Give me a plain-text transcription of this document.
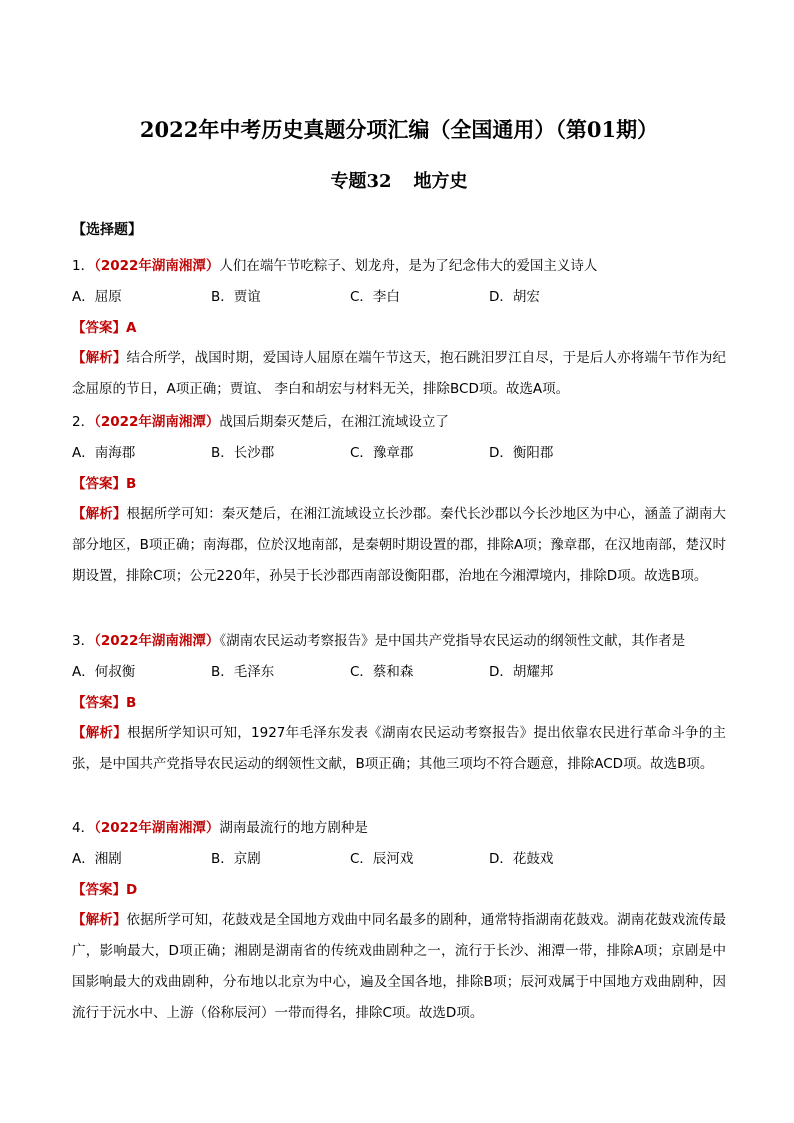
2022年中考历史真题分项汇编（全国通用）（第01期）
专题32 地方史
【选择题】
1．（2022年湖南湘潭）人们在端午节吃粽子、划龙舟，是为了纪念伟大的爱国主义诗人
A．屈原	B．贾谊	C．李白	D．胡宏
【答案】A
【解析】结合所学，战国时期，爱国诗人屈原在端午节这天，抱石跳汨罗江自尽，于是后人亦将端午节作为纪念屈原的节日，A项正确；贾谊、 李白和胡宏与材料无关，排除BCD项。故选A项。
2．（2022年湖南湘潭）战国后期秦灭楚后，在湘江流域设立了
A．南海郡	B．长沙郡	C．豫章郡	D．衡阳郡
【答案】B
【解析】根据所学可知：秦灭楚后，在湘江流域设立长沙郡。秦代长沙郡以今长沙地区为中心，涵盖了湖南大部分地区，B项正确；南海郡，位於汉地南部，是秦朝时期设置的郡，排除A项；豫章郡，在汉地南部，楚汉时期设置，排除C项；公元220年，孙吴于长沙郡西南部设衡阳郡，治地在今湘潭境内，排除D项。故选B项。
3．（2022年湖南湘潭）《湖南农民运动考察报告》是中国共产党指导农民运动的纲领性文献，其作者是
A．何叔衡	B．毛泽东	C．蔡和森	D．胡耀邦
【答案】B
【解析】根据所学知识可知，1927年毛泽东发表《湖南农民运动考察报告》提出依靠农民进行革命斗争的主张，是中国共产党指导农民运动的纲领性文献，B项正确；其他三项均不符合题意，排除ACD项。故选B项。
4．（2022年湖南湘潭）湖南最流行的地方剧种是
A．湘剧	B．京剧	C．辰河戏	D．花鼓戏
【答案】D
【解析】依据所学可知，花鼓戏是全国地方戏曲中同名最多的剧种，通常特指湖南花鼓戏。湖南花鼓戏流传最广，影响最大，D项正确；湘剧是湖南省的传统戏曲剧种之一，流行于长沙、湘潭一带，排除A项；京剧是中国影响最大的戏曲剧种，分布地以北京为中心，遍及全国各地，排除B项；辰河戏属于中国地方戏曲剧种，因流行于沅水中、上游（俗称辰河）一带而得名，排除C项。故选D项。
